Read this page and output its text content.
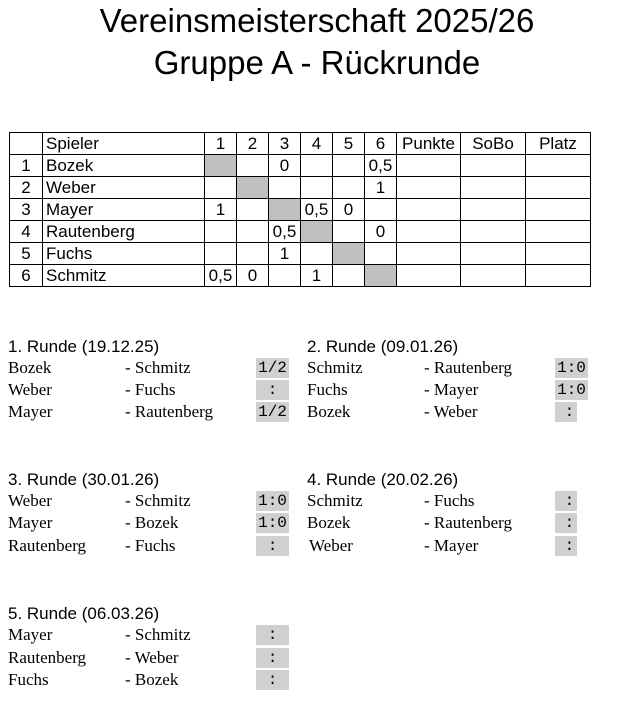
Vereinsmeisterschaft 2025/26
Gruppe A - Rückrunde
	Spieler	1	2	3	4	5	6	Punkte	SoBo	Platz
1	Bozek			0			0,5			
2	Weber						1			
3	Mayer	1			0,5	0				
4	Rautenberg			0,5			0			
5	Fuchs			1						
6	Schmitz	0,5	0		1					
1. Runde (19.12.25)
Bozek	- Schmitz	1/2
Weber	- Fuchs	:
Mayer	- Rautenberg	1/2
2. Runde (09.01.26)
Schmitz	- Rautenberg	1:0
Fuchs	- Mayer	1:0
Bozek	- Weber	:
3. Runde (30.01.26)
Weber	- Schmitz	1:0
Mayer	- Bozek	1:0
Rautenberg - Fuchs	:
4. Runde (20.02.26)
Schmitz	- Fuchs	:
Bozek	- Rautenberg	:
Weber	- Mayer	:
5. Runde (06.03.26)
Mayer	- Schmitz	:
Rautenberg - Weber	:
Fuchs	- Bozek	:
